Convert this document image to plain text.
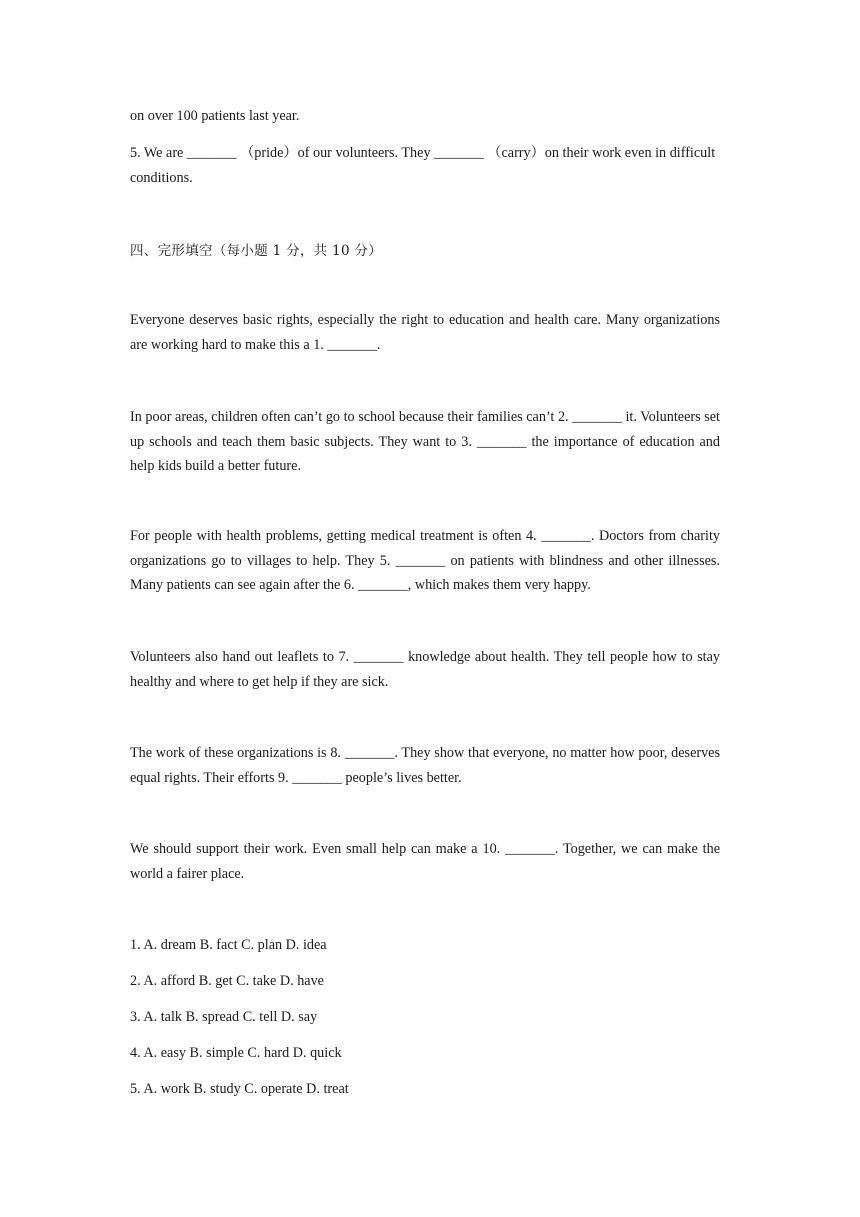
on over 100 patients last year.

5. We are _______ （pride）of our volunteers. They _______ （carry）on their work even in difficult conditions.

四、完形填空（每小题 1 分，共 10 分）

Everyone deserves basic rights, especially the right to education and health care. Many organizations are working hard to make this a 1. _______.

In poor areas, children often can’t go to school because their families can’t 2. _______ it. Volunteers set up schools and teach them basic subjects. They want to 3. _______ the importance of education and help kids build a better future.

For people with health problems, getting medical treatment is often 4. _______. Doctors from charity organizations go to villages to help. They 5. _______ on patients with blindness and other illnesses. Many patients can see again after the 6. _______, which makes them very happy.

Volunteers also hand out leaflets to 7. _______ knowledge about health. They tell people how to stay healthy and where to get help if they are sick.

The work of these organizations is 8. _______. They show that everyone, no matter how poor, deserves equal rights. Their efforts 9. _______ people’s lives better.

We should support their work. Even small help can make a 10. _______. Together, we can make the world a fairer place.

1. A. dream B. fact C. plan D. idea

2. A. afford B. get C. take D. have

3. A. talk B. spread C. tell D. say

4. A. easy B. simple C. hard D. quick

5. A. work B. study C. operate D. treat
